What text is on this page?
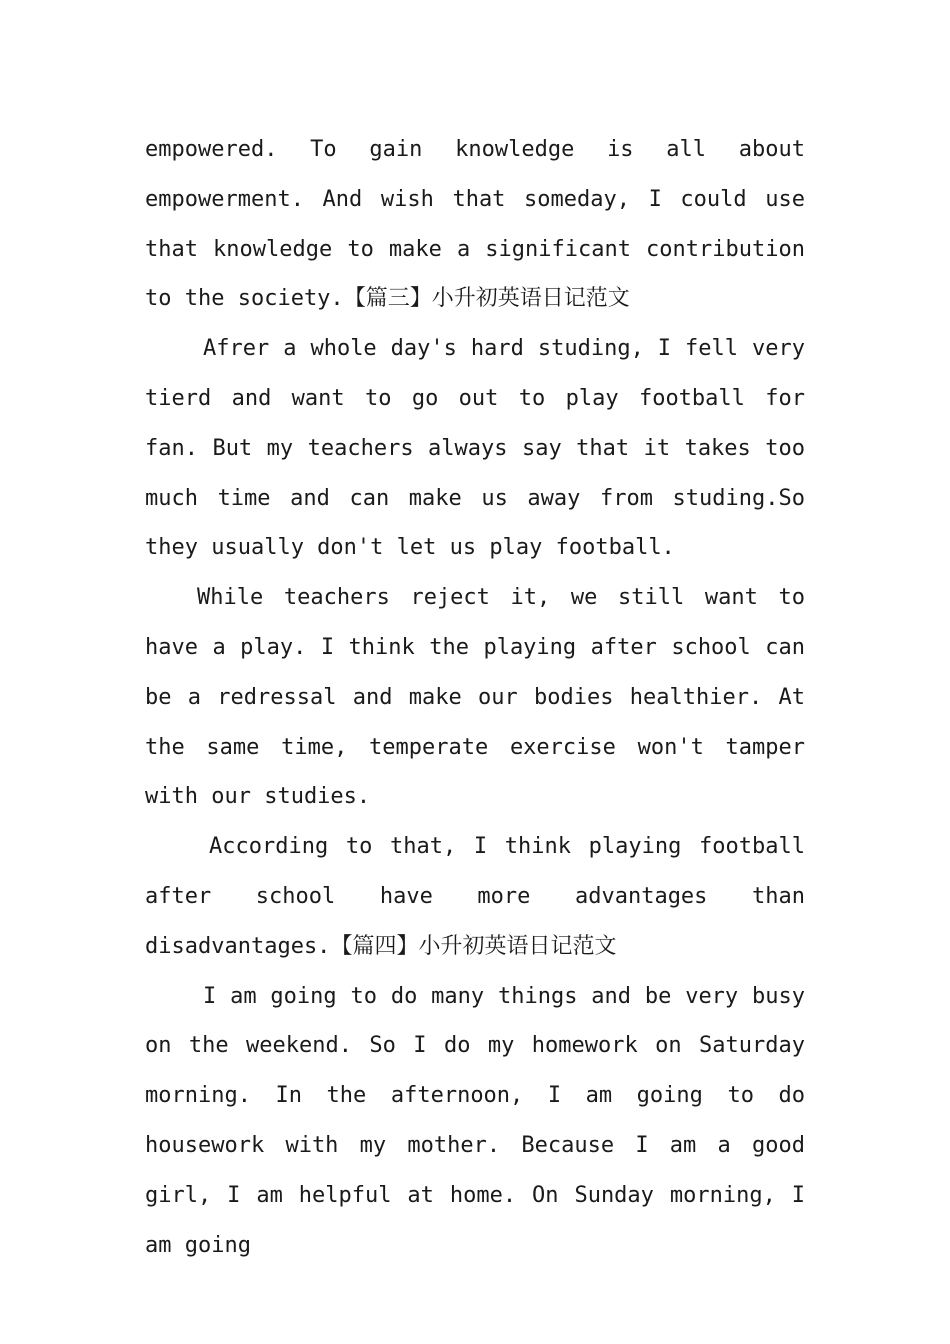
empowered. To gain knowledge is all about empowerment. And wish that someday, I could use that knowledge to make a significant contribution to the society.【篇三】小升初英语日记范文

Afrer a whole day's hard studing, I fell very tierd and want to go out to play football for fan. But my teachers always say that it takes too much time and can make us away from studing.So they usually don't let us play football.

While teachers reject it, we still want to have a play. I think the playing after school can be a redressal and make our bodies healthier. At the same time, temperate exercise won't tamper with our studies.

According to that, I think playing football after school have more advantages than disadvantages.【篇四】小升初英语日记范文

I am going to do many things and be very busy on the weekend. So I do my homework on Saturday morning. In the afternoon, I am going to do housework with my mother. Because I am a good girl, I am helpful at home. On Sunday morning, I am going
